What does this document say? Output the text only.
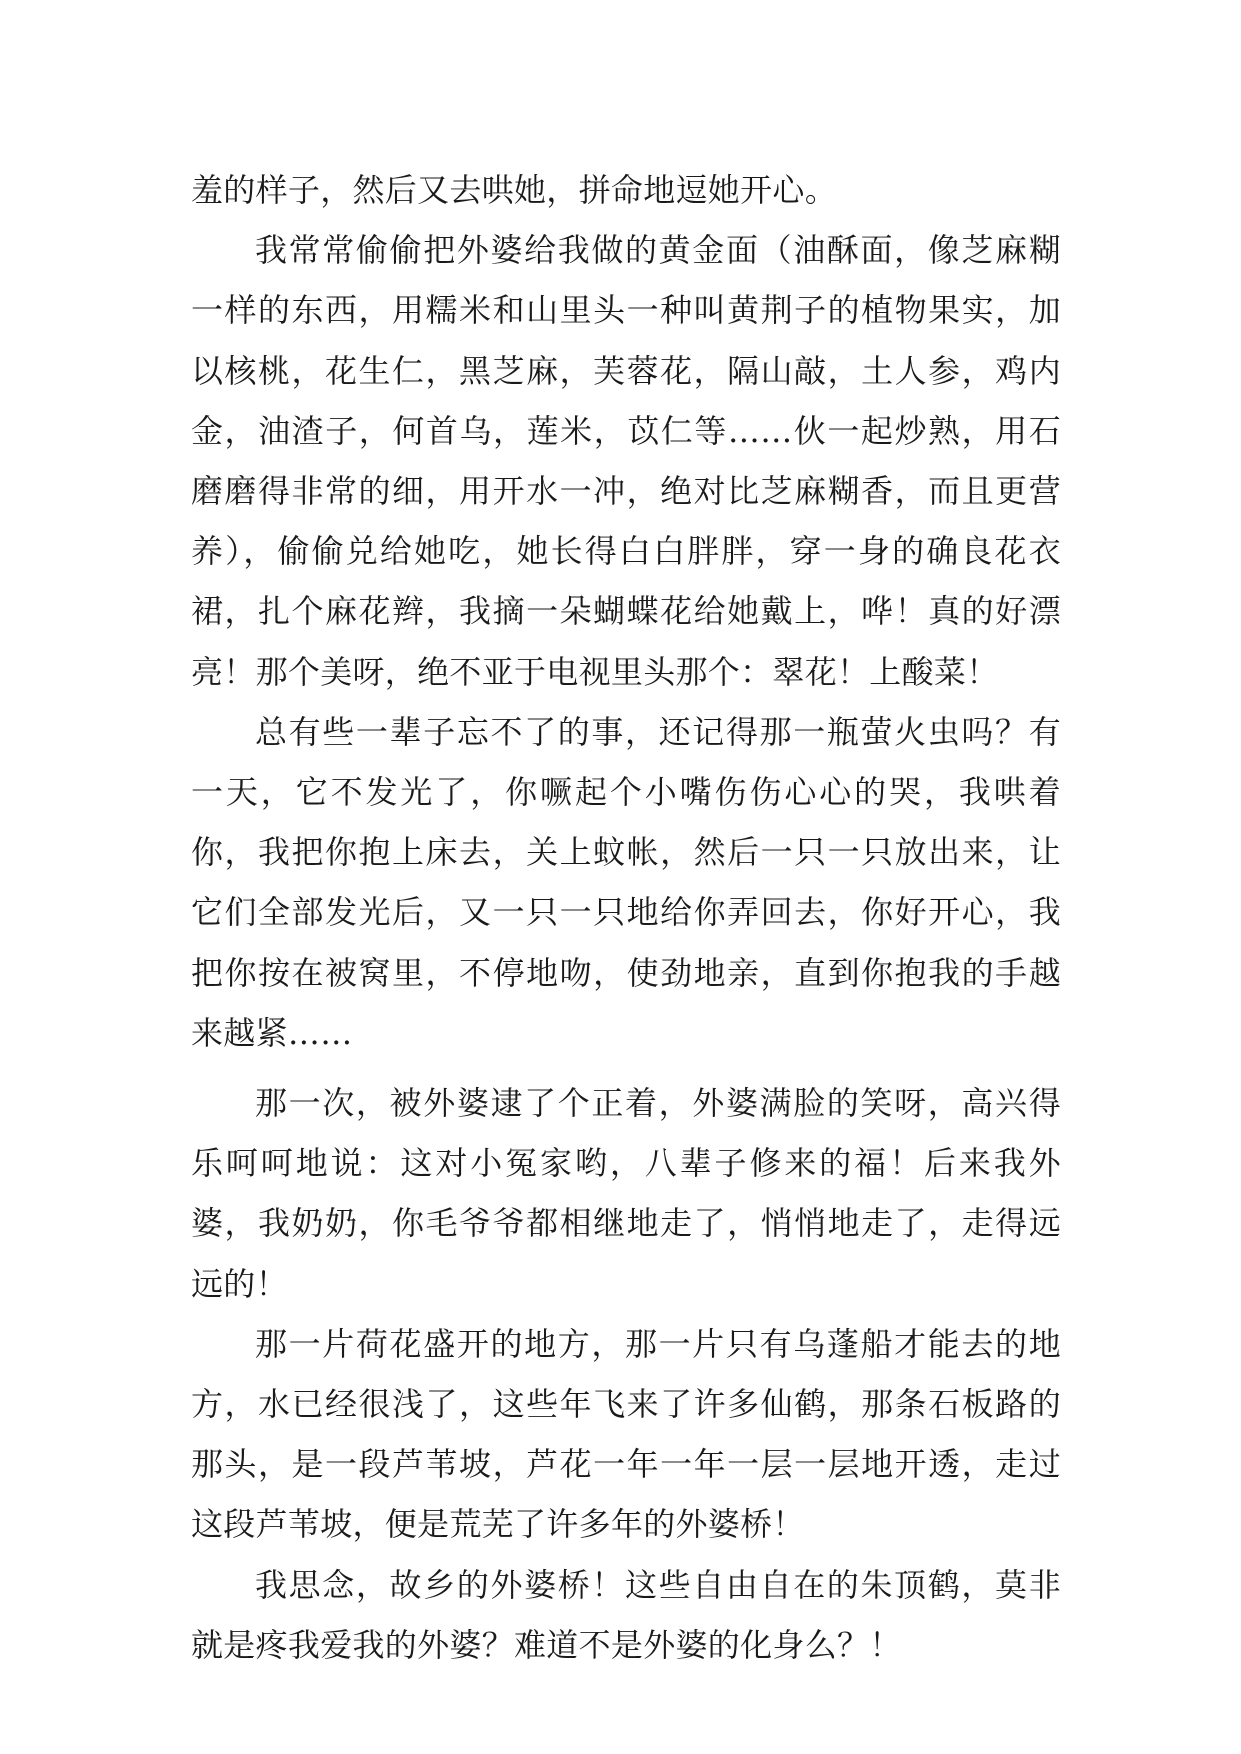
羞的样子，然后又去哄她，拼命地逗她开心。

我常常偷偷把外婆给我做的黄金面（油酥面，像芝麻糊一样的东西，用糯米和山里头一种叫黄荆子的植物果实，加以核桃，花生仁，黑芝麻，芙蓉花，隔山敲，土人参，鸡内金，油渣子，何首乌，莲米，苡仁等……伙一起炒熟，用石磨磨得非常的细，用开水一冲，绝对比芝麻糊香，而且更营养），偷偷兑给她吃，她长得白白胖胖，穿一身的确良花衣裙，扎个麻花辫，我摘一朵蝴蝶花给她戴上，哗！真的好漂亮！那个美呀，绝不亚于电视里头那个：翠花！上酸菜！

总有些一辈子忘不了的事，还记得那一瓶萤火虫吗？有一天，它不发光了，你噘起个小嘴伤伤心心的哭，我哄着你，我把你抱上床去，关上蚊帐，然后一只一只放出来，让它们全部发光后，又一只一只地给你弄回去，你好开心，我把你按在被窝里，不停地吻，使劲地亲，直到你抱我的手越来越紧……

那一次，被外婆逮了个正着，外婆满脸的笑呀，高兴得乐呵呵地说：这对小冤家哟，八辈子修来的福！后来我外婆，我奶奶，你毛爷爷都相继地走了，悄悄地走了，走得远远的！

那一片荷花盛开的地方，那一片只有乌蓬船才能去的地方，水已经很浅了，这些年飞来了许多仙鹤，那条石板路的那头，是一段芦苇坡，芦花一年一年一层一层地开透，走过这段芦苇坡，便是荒芜了许多年的外婆桥！

我思念，故乡的外婆桥！这些自由自在的朱顶鹤，莫非就是疼我爱我的外婆？难道不是外婆的化身么？！
